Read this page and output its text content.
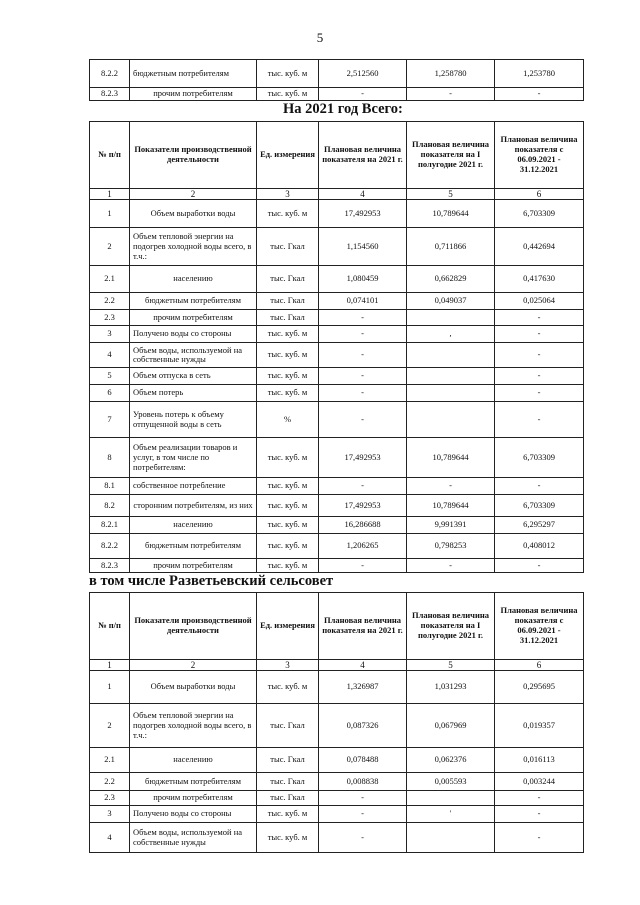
5
8.2.2	бюджетным потребителям	тыс. куб. м	2,512560	1,258780	1,253780
8.2.3	прочим потребителям	тыс. куб. м	-	-	-
На 2021 год Всего:
№ п/п	Показатели производственной деятельности	Ед. измерения	Плановая величина показателя на 2021 г.	Плановая величина показателя на I полугодие 2021 г.	Плановая величина показателя с 06.09.2021 - 31.12.2021
1	2	3	4	5	6
1	Объем выработки воды	тыс. куб. м	17,492953	10,789644	6,703309
2	Объем тепловой энергии на подогрев холодной воды всего, в т.ч.:	тыс. Гкал	1,154560	0,711866	0,442694
2.1	населению	тыс. Гкал	1,080459	0,662829	0,417630
2.2	бюджетным потребителям	тыс. Гкал	0,074101	0,049037	0,025064
2.3	прочим потребителям	тыс. Гкал	-		-
3	Получено воды со стороны	тыс. куб. м	-	,	-
4	Объем воды, используемой на собственные нужды	тыс. куб. м	-		-
5	Объем отпуска в сеть	тыс. куб. м	-		-
6	Объем потерь	тыс. куб. м	-		-
7	Уровень потерь к объему отпущенной воды в сеть	%	-		-
8	Объем реализации товаров и услуг, в том числе по потребителям:	тыс. куб. м	17,492953	10,789644	6,703309
8.1	собственное потребление	тыс. куб. м	-	-	-
8.2	сторонним потребителям, из них	тыс. куб. м	17,492953	10,789644	6,703309
8.2.1	населению	тыс. куб. м	16,286688	9,991391	6,295297
8.2.2	бюджетным потребителям	тыс. куб. м	1,206265	0,798253	0,408012
8.2.3	прочим потребителям	тыс. куб. м	-	-	-
в том числе Разветьевский сельсовет
№ п/п	Показатели производственной деятельности	Ед. измерения	Плановая величина показателя на 2021 г.	Плановая величина показателя на I полугодие 2021 г.	Плановая величина показателя с 06.09.2021 - 31.12.2021
1	2	3	4	5	6
1	Объем выработки воды	тыс. куб. м	1,326987	1,031293	0,295695
2	Объем тепловой энергии на подогрев холодной воды всего, в т.ч.:	тыс. Гкал	0,087326	0,067969	0,019357
2.1	населению	тыс. Гкал	0,078488	0,062376	0,016113
2.2	бюджетным потребителям	тыс. Гкал	0,008838	0,005593	0,003244
2.3	прочим потребителям	тыс. Гкал	-		-
3	Получено воды со стороны	тыс. куб. м	-	'	-
4	Объем воды, используемой на собственные нужды	тыс. куб. м	-		-
